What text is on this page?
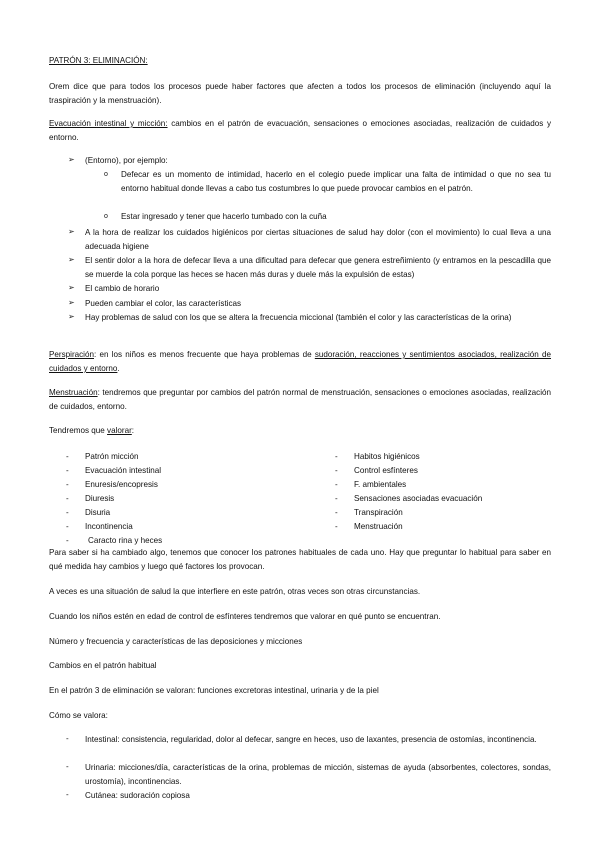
PATRÓN 3: ELIMINACIÓN:
Orem dice que para todos los procesos puede haber factores que afecten a todos los procesos de eliminación (incluyendo aquí la traspiración y la menstruación).
Evacuación intestinal y micción: cambios en el patrón de evacuación, sensaciones o emociones asociadas, realización de cuidados y entorno.
➢ (Entorno), por ejemplo:
o Defecar es un momento de intimidad, hacerlo en el colegio puede implicar una falta de intimidad o que no sea tu entorno habitual donde llevas a cabo tus costumbres lo que puede provocar cambios en el patrón.
o Estar ingresado y tener que hacerlo tumbado con la cuña
➢ A la hora de realizar los cuidados higiénicos por ciertas situaciones de salud hay dolor (con el movimiento) lo cual lleva a una adecuada higiene
➢ El sentir dolor a la hora de defecar lleva a una dificultad para defecar que genera estreñimiento (y entramos en la pescadilla que se muerde la cola porque las heces se hacen más duras y duele más la expulsión de estas)
➢ El cambio de horario
➢ Pueden cambiar el color, las características
➢ Hay problemas de salud con los que se altera la frecuencia miccional (también el color y las características de la orina)
Perspiración: en los niños es menos frecuente que haya problemas de sudoración, reacciones y sentimientos asociados, realización de cuidados y entorno.
Menstruación: tendremos que preguntar por cambios del patrón normal de menstruación, sensaciones o emociones asociadas, realización de cuidados, entorno.
Tendremos que valorar:
- Patrón micción
- Evacuación intestinal
- Enuresis/encopresis
- Diuresis
- Disuria
- Incontinencia
- Caracto rina y heces
- Habitos higiénicos
- Control esfínteres
- F. ambientales
- Sensaciones asociadas evacuación
- Transpiración
- Menstruación
Para saber si ha cambiado algo, tenemos que conocer los patrones habituales de cada uno. Hay que preguntar lo habitual para saber en qué medida hay cambios y luego qué factores los provocan.
A veces es una situación de salud la que interfiere en este patrón, otras veces son otras circunstancias.
Cuando los niños estén en edad de control de esfínteres tendremos que valorar en qué punto se encuentran.
Número y frecuencia y características de las deposiciones y micciones
Cambios en el patrón habitual
En el patrón 3 de eliminación se valoran: funciones excretoras intestinal, urinaria y de la piel
Cómo se valora:
- Intestinal: consistencia, regularidad, dolor al defecar, sangre en heces, uso de laxantes, presencia de ostomías, incontinencia.
- Urinaria: micciones/día, características de la orina, problemas de micción, sistemas de ayuda (absorbentes, colectores, sondas, urostomía), incontinencias.
- Cutánea: sudoración copiosa
